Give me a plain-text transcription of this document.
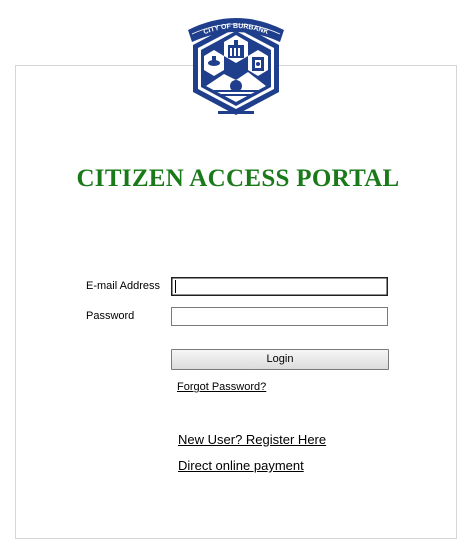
CITY OF BURBANK
CITIZEN ACCESS PORTAL
E-mail Address
Password
Login
Forgot Password?
New User? Register Here
Direct online payment
